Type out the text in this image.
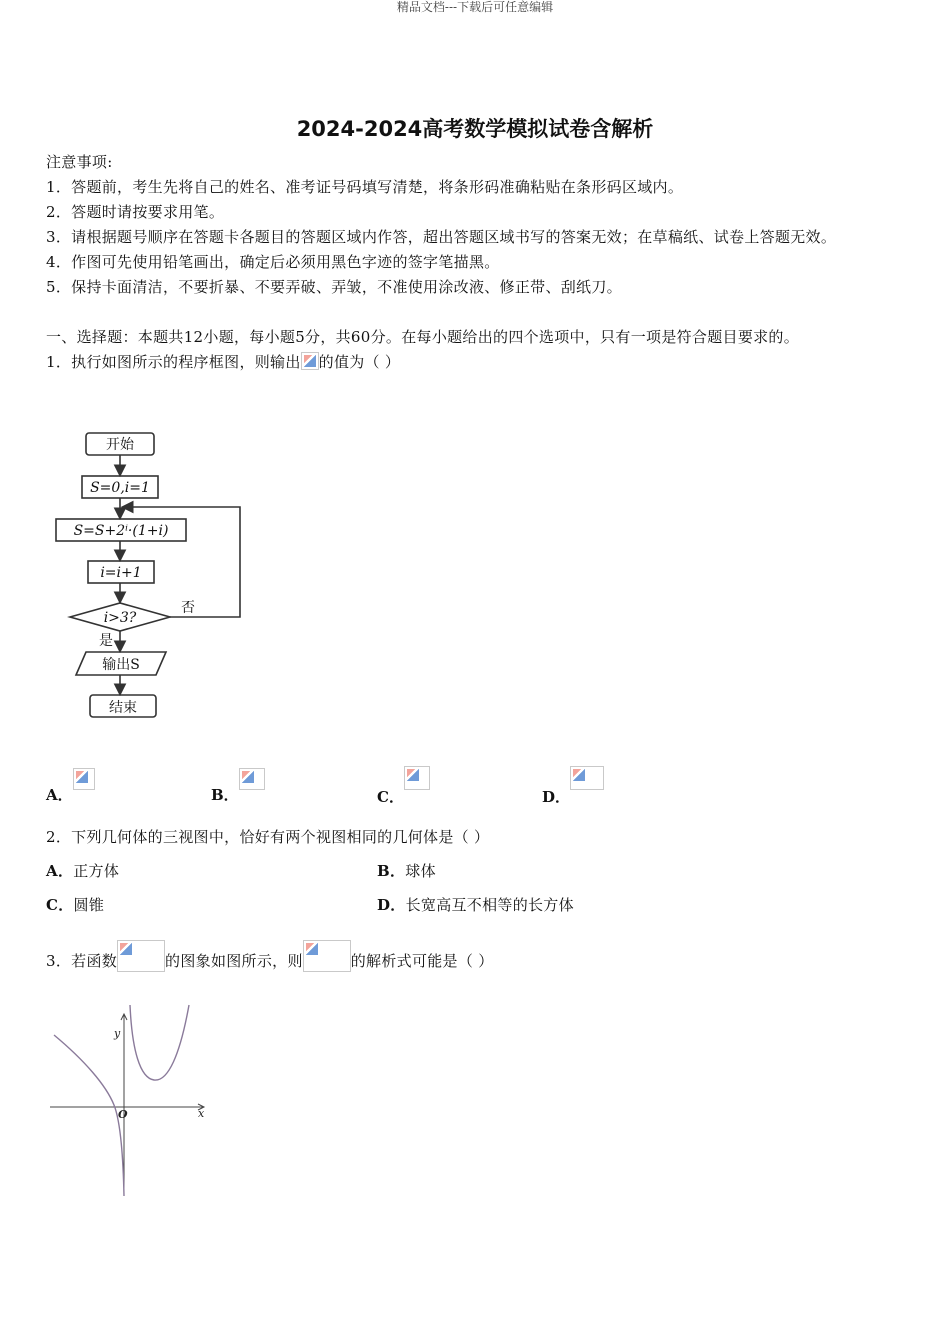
精品文档---下载后可任意编辑
2024-2024高考数学模拟试卷含解析
注意事项:
1．答题前，考生先将自己的姓名、准考证号码填写清楚，将条形码准确粘贴在条形码区域内。
2．答题时请按要求用笔。
3．请根据题号顺序在答题卡各题目的答题区域内作答，超出答题区域书写的答案无效；在草稿纸、试卷上答题无效。
4．作图可先使用铅笔画出，确定后必须用黑色字迹的签字笔描黑。
5．保持卡面清洁，不要折暴、不要弄破、弄皱，不准使用涂改液、修正带、刮纸刀。
一、选择题：本题共12小题，每小题5分，共60分。在每小题给出的四个选项中，只有一项是符合题目要求的。
1．执行如图所示的程序框图，则输出 的值为（ ）
开始
S=0,i=1
S=S+2ⁱ·(1+i)
i=i+1
i>3?
否
是
输出S
结束
A．	B．	C．	D．
2．下列几何体的三视图中，恰好有两个视图相同的几何体是（ ）
A．正方体	B．球体
C．圆锥	D．长宽高互不相等的长方体
3．若函数	的图象如图所示，则	的解析式可能是（ ）
y
x
O
